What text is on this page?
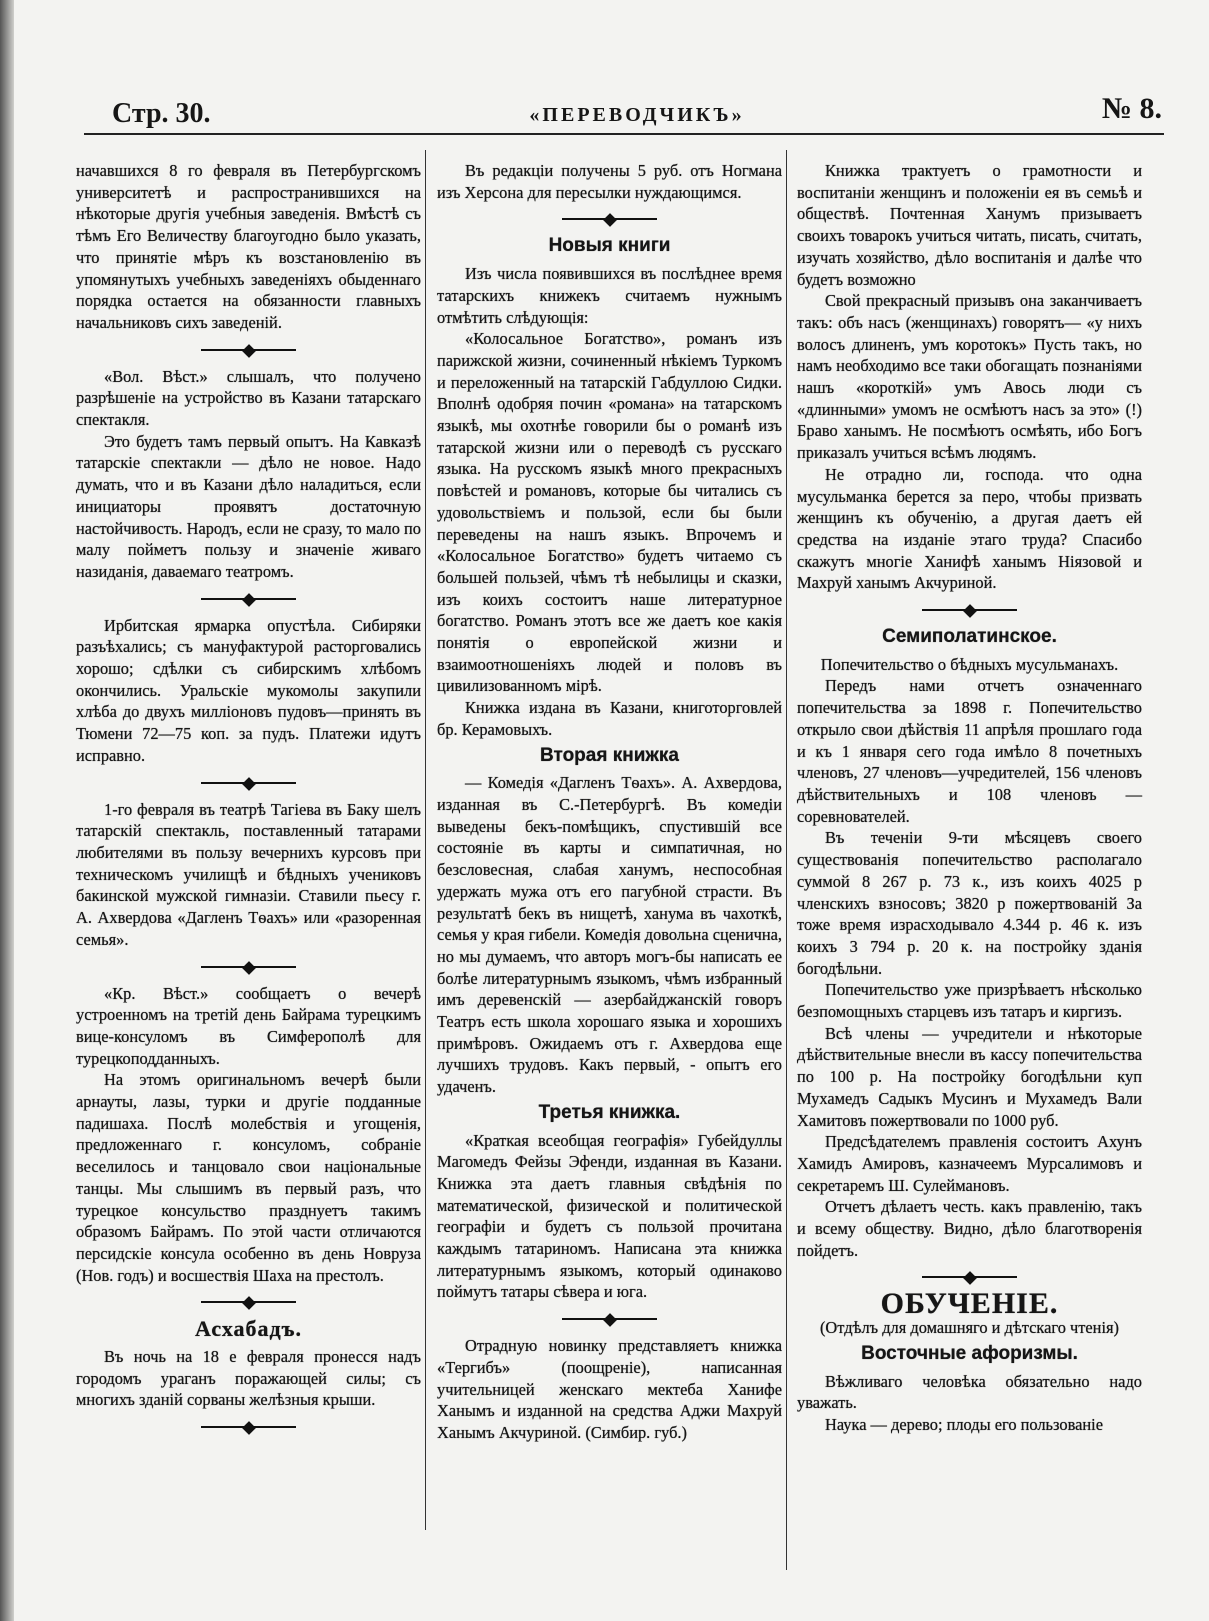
Стр. 30.	«ПЕРЕВОДЧИКЪ»	№ 8.

начавшихся 8 го февраля въ Петербургскомъ университетѣ и распространившихся на нѣкоторые другія учебныя заведенія. Вмѣстѣ съ тѣмъ Его Величеству благоугодно было указать, что принятіе мѣръ къ возстановленію въ упомянутыхъ учебныхъ заведеніяхъ обыденнаго порядка остается на обязанности главныхъ начальниковъ сихъ заведеній.

«Вол. Вѣст.» слышалъ, что получено разрѣшеніе на устройство въ Казани татарскаго спектакля.

Это будетъ тамъ первый опытъ. На Кавказѣ татарскіе спектакли — дѣло не новое. Надо думать, что и въ Казани дѣло наладиться, если инициаторы проявятъ достаточную настойчивость. Народъ, если не сразу, то мало по малу пойметъ пользу и значеніе живаго назиданія, даваемаго театромъ.

Ирбитская ярмарка опустѣла. Сибиряки разъѣхались; съ мануфактурой расторговались хорошо; сдѣлки съ сибирскимъ хлѣбомъ окончились. Уральскіе мукомолы закупили хлѣба до двухъ милліоновъ пудовъ—принять въ Тюмени 72—75 коп. за пудъ. Платежи идутъ исправно.

1-го февраля въ театрѣ Тагіева въ Баку шелъ татарскій спектакль, поставленный татарами любителями въ пользу вечернихъ курсовъ при техническомъ училищѣ и бѣдныхъ учениковъ бакинской мужской гимназіи. Ставили пьесу г. А. Ахвердова «Дагленъ Тѳахъ» или «разоренная семья».

«Кр. Вѣст.» сообщаетъ о вечерѣ устроенномъ на третій день Байрама турецкимъ вице-консуломъ въ Симферополѣ для турецкоподданныхъ.

На этомъ оригинальномъ вечерѣ были арнауты, лазы, турки и другіе подданные падишаха. Послѣ молебствія и угощенія, предложеннаго г. консуломъ, собраніе веселилось и танцовало свои національные танцы. Мы слышимъ въ первый разъ, что турецкое консульство празднуетъ такимъ образомъ Байрамъ. По этой части отличаются персидскіе консула особенно въ день Новруза (Нов. годъ) и восшествія Шаха на престолъ.

Асхабадъ.

Въ ночь на 18 е февраля пронесся надъ городомъ ураганъ поражающей силы; съ многихъ зданій сорваны желѣзныя крыши.

Въ редакціи получены 5 руб. отъ Ногмана изъ Херсона для пересылки нуждающимся.

Новыя книги

Изъ числа появившихся въ послѣднее время татарскихъ книжекъ считаемъ нужнымъ отмѣтить слѣдующія:

«Колосальное Богатство», романъ изъ парижской жизни, сочиненный нѣкіемъ Туркомъ и переложенный на татарскій Габдуллою Сидки. Вполнѣ одобряя почин «романа» на татарскомъ языкѣ, мы охотнѣе говорили бы о романѣ изъ татарской жизни или о переводѣ съ русскаго языка. На русскомъ языкѣ много прекрасныхъ повѣстей и романовъ, которые бы читались съ удовольствіемъ и пользой, если бы были переведены на нашъ языкъ. Впрочемъ и «Колосальное Богатство» будетъ читаемо съ большей пользей, чѣмъ тѣ небылицы и сказки, изъ коихъ состоитъ наше литературное богатство. Романъ этотъ все же даетъ кое какія понятія о европейской жизни и взаимоотношеніяхъ людей и половъ въ цивилизованномъ мірѣ.

Книжка издана въ Казани, книготорговлей бр. Керамовыхъ.

Вторая книжка

— Комедія «Дагленъ Тѳахъ». А. Ахвердова, изданная въ С.-Петербургѣ. Въ комедіи выведены бекъ-помѣщикъ, спустившій все состояніе въ карты и симпатичная, но безсловесная, слабая ханумъ, неспособная удержать мужа отъ его пагубной страсти. Въ результатѣ бекъ въ нищетѣ, ханума въ чахоткѣ, семья у края гибели. Комедія довольна сценична, но мы думаемъ, что авторъ могъ-бы написать ее болѣе литературнымъ языкомъ, чѣмъ избранный имъ деревенскій — азербайджанскій говоръ Театръ есть школа хорошаго языка и хорошихъ примѣровъ. Ожидаемъ отъ г. Ахвердова еще лучшихъ трудовъ. Какъ первый, - опытъ его удаченъ.

Третья книжка.

«Краткая всеобщая географія» Губейдуллы Магомедъ Фейзы Эфенди, изданная въ Казани. Книжка эта даетъ главныя свѣдѣнія по математической, физической и политической географіи и будетъ съ пользой прочитана каждымъ татариномъ. Написана эта книжка литературнымъ языкомъ, который одинаково поймутъ татары сѣвера и юга.

Отрадную новинку представляетъ книжка «Тергибъ» (поощреніе), написанная учительницей женскаго мектеба Ханифе Ханымъ и изданной на средства Аджи Махруй Ханымъ Акчуриной. (Симбир. губ.)

Книжка трактуетъ о грамотности и воспитаніи женщинъ и положеніи ея въ семьѣ и обществѣ. Почтенная Ханумъ призываетъ своихъ товарокъ учиться читать, писать, считать, изучать хозяйство, дѣло воспитанія и далѣе что будетъ возможно

Свой прекрасный призывъ она заканчиваетъ такъ: объ насъ (женщинахъ) говорятъ— «у нихъ волосъ длиненъ, умъ коротокъ» Пусть такъ, но намъ необходимо все таки обогащать познаніями нашъ «короткій» умъ Авось люди съ «длинными» умомъ не осмѣютъ насъ за это» (!) Браво ханымъ. Не посмѣютъ осмѣять, ибо Богъ приказалъ учиться всѣмъ людямъ.

Не отрадно ли, господа. что одна мусульманка берется за перо, чтобы призвать женщинъ къ обученію, а другая даетъ ей средства на изданіе этаго труда? Спасибо скажутъ многіе Ханифѣ ханымъ Ніязовой и Махруй ханымъ Акчуриной.

Семиполатинское.

Попечительство о бѣдныхъ мусульманахъ.

Передъ нами отчетъ означеннаго попечительства за 1898 г. Попечительство открыло свои дѣйствія 11 апрѣля прошлаго года и къ 1 января сего года имѣло 8 почетныхъ членовъ, 27 членовъ—учредителей, 156 членовъ дѣйствительныхъ и 108 членовъ — соревнователей.

Въ теченіи 9-ти мѣсяцевъ своего существованія попечительство располагало суммой 8 267 р. 73 к., изъ коихъ 4025 р членскихъ взносовъ; 3820 р пожертвованій За тоже время израсходывало 4.344 р. 46 к. изъ коихъ 3 794 р. 20 к. на постройку зданія богодѣльни.

Попечительство уже призрѣваетъ нѣсколько безпомощныхъ старцевъ изъ татаръ и киргизъ.

Всѣ члены — учредители и нѣкоторые дѣйствительные внесли въ кассу попечительства по 100 р. На постройку богодѣльни куп Мухамедъ Садыкъ Мусинъ и Мухамедъ Вали Хамитовъ пожертвовали по 1000 руб.

Предсѣдателемъ правленія состоитъ Ахунъ Хамидъ Амировъ, казначеемъ Мурсалимовъ и секретаремъ Ш. Сулеймановъ.

Отчетъ дѣлаетъ честь. какъ правленію, такъ и всему обществу. Видно, дѣло благотворенія пойдетъ.

ОБУЧЕНІЕ.

(Отдѣлъ для домашняго и дѣтскаго чтенія)

Восточные афоризмы.

Вѣжливаго человѣка обязательно надо уважать.

Наука — дерево; плоды его пользованіе
